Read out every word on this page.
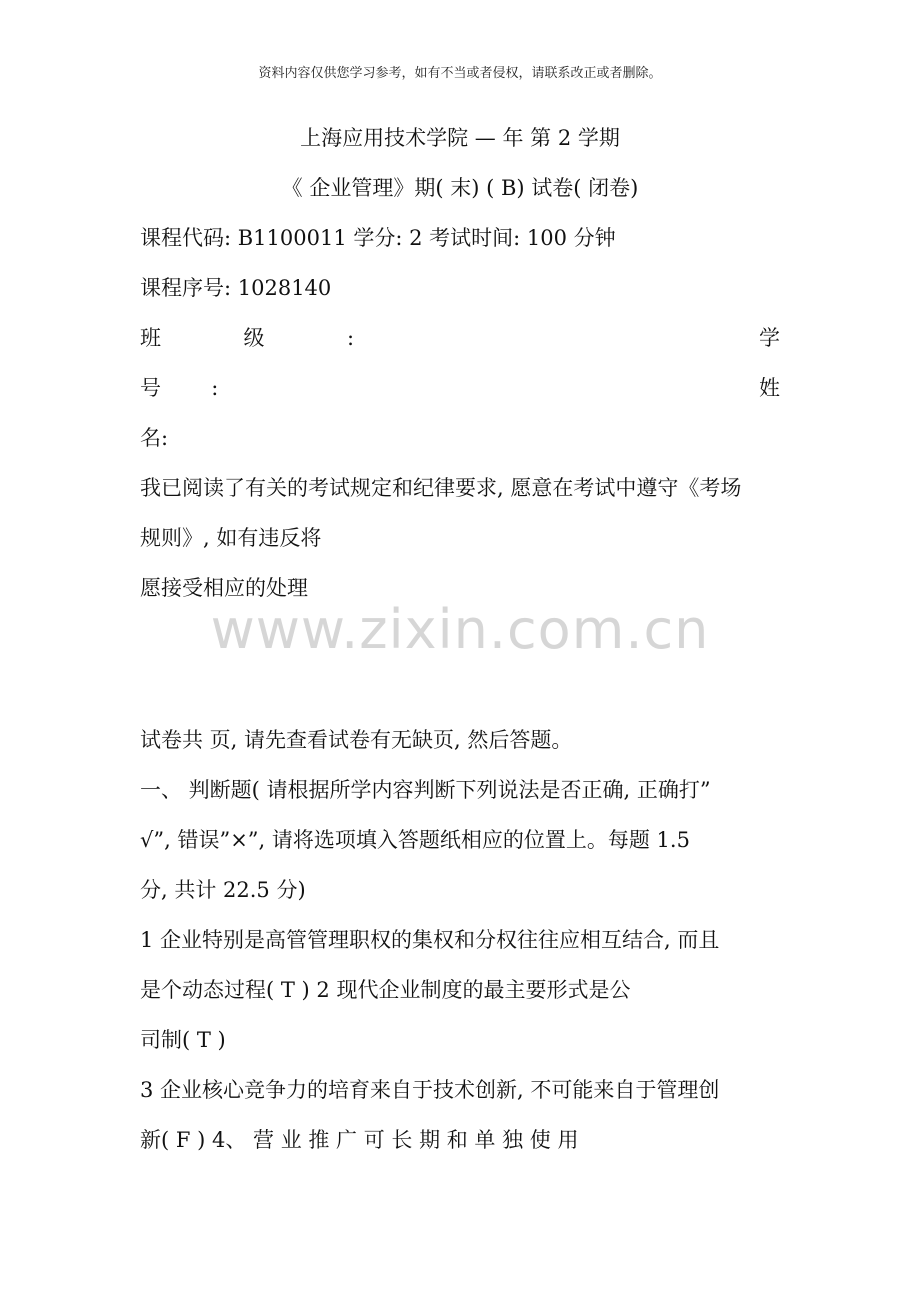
资料内容仅供您学习参考，如有不当或者侵权，请联系改正或者删除。
上海应用技术学院 — 年 第 2 学期
《 企业管理》期( 末) ( B) 试卷( 闭卷)
课程代码: B1100011 学分: 2 考试时间: 100 分钟
课程序号: 1028140
班	级	:	学
号 :	姓
名:
我已阅读了有关的考试规定和纪律要求, 愿意在考试中遵守《考场
规则》, 如有违反将
愿接受相应的处理
www.zixin.com.cn
试卷共 页, 请先查看试卷有无缺页, 然后答题。
一、 判断题( 请根据所学内容判断下列说法是否正确, 正确打”
√”, 错误”×”, 请将选项填入答题纸相应的位置上。每题 1.5
分, 共计 22.5 分)
1 企业特别是高管管理职权的集权和分权往往应相互结合, 而且
是个动态过程( T ) 2 现代企业制度的最主要形式是公
司制( T )
3 企业核心竞争力的培育来自于技术创新, 不可能来自于管理创
新( F ) 4、 营 业 推 广 可 长 期 和 单 独 使 用
